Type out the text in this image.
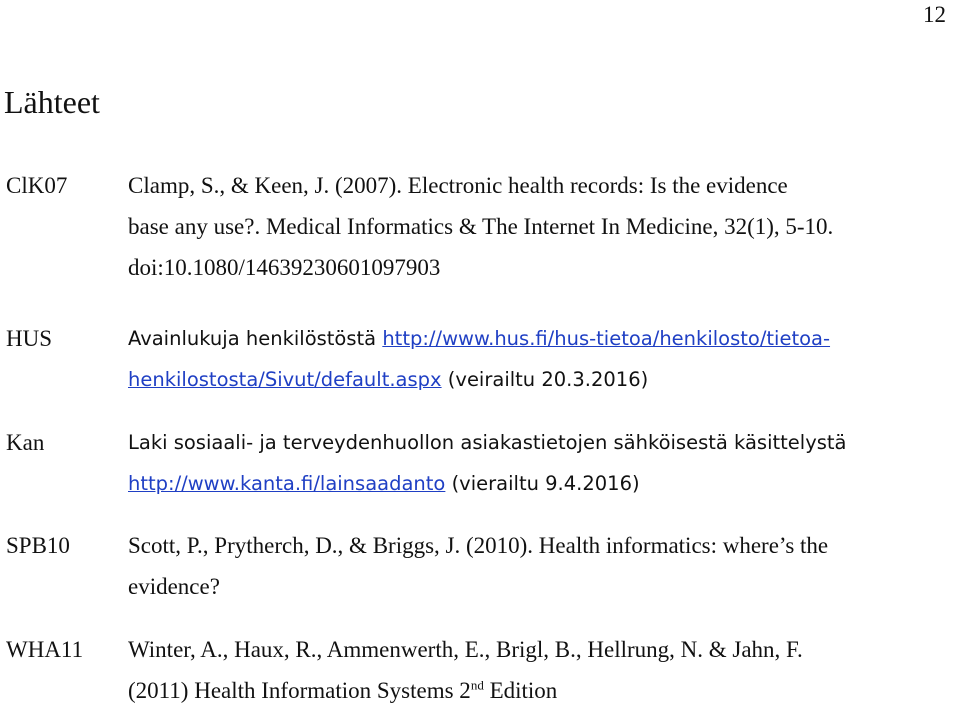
12
Lähteet
ClK07	Clamp, S., & Keen, J. (2007). Electronic health records: Is the evidence
base any use?. Medical Informatics & The Internet In Medicine, 32(1), 5-10.
doi:10.1080/14639230601097903
HUS	Avainlukuja henkilöstöstä http://www.hus.fi/hus-tietoa/henkilosto/tietoa-
henkilostosta/Sivut/default.aspx (veirailtu 20.3.2016)
Kan	Laki sosiaali- ja terveydenhuollon asiakastietojen sähköisestä käsittelystä
http://www.kanta.fi/lainsaadanto (vierailtu 9.4.2016)
SPB10	Scott, P., Prytherch, D., & Briggs, J. (2010). Health informatics: where’s the
evidence?
WHA11 Winter, A., Haux, R., Ammenwerth, E., Brigl, B., Hellrung, N. & Jahn, F.
(2011) Health Information Systems 2nd Edition
